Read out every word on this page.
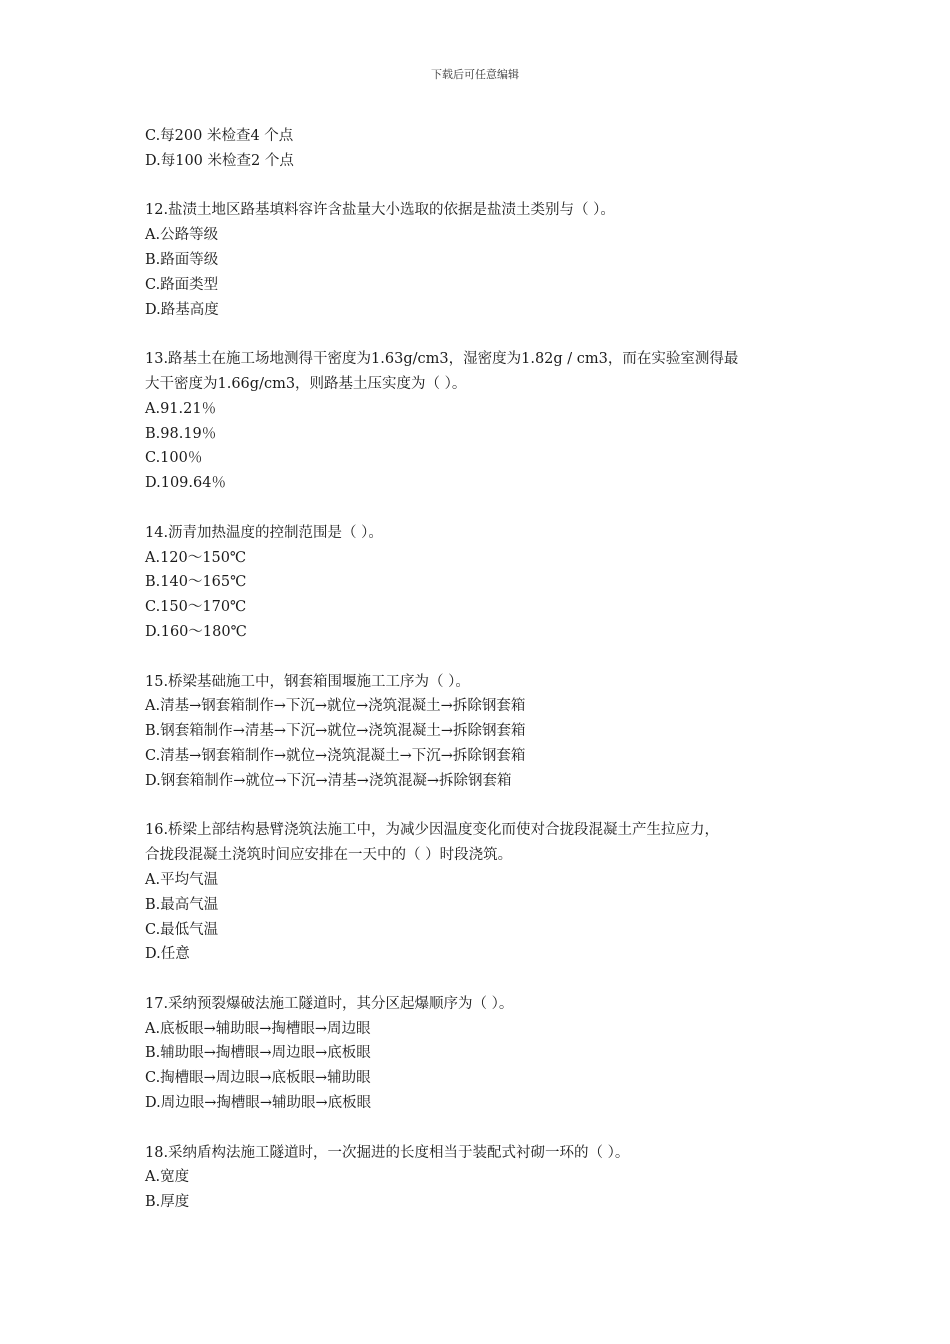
下载后可任意编辑
C.每200 米检查4 个点
D.每100 米检查2 个点
12.盐渍土地区路基填料容许含盐量大小选取的依据是盐渍土类别与（ ）。
A.公路等级
B.路面等级
C.路面类型
D.路基高度
13.路基土在施工场地测得干密度为1.63g/cm3，湿密度为1.82g / cm3，而在实验室测得最
大干密度为1.66g/cm3，则路基土压实度为（ ）。
A.91.21％
B.98.19％
C.100％
D.109.64％
14.沥青加热温度的控制范围是（ ）。
A.120～150℃
B.140～165℃
C.150～170℃
D.160～180℃
15.桥梁基础施工中，钢套箱围堰施工工序为（ ）。
A.清基→钢套箱制作→下沉→就位→浇筑混凝土→拆除钢套箱
B.钢套箱制作→清基→下沉→就位→浇筑混凝土→拆除钢套箱
C.清基→钢套箱制作→就位→浇筑混凝土→下沉→拆除钢套箱
D.钢套箱制作→就位→下沉→清基→浇筑混凝→拆除钢套箱
16.桥梁上部结构悬臂浇筑法施工中，为减少因温度变化而使对合拢段混凝土产生拉应力，
合拢段混凝土浇筑时间应安排在一天中的（ ）时段浇筑。
A.平均气温
B.最高气温
C.最低气温
D.任意
17.采纳预裂爆破法施工隧道时，其分区起爆顺序为（ ）。
A.底板眼→辅助眼→掏槽眼→周边眼
B.辅助眼→掏槽眼→周边眼→底板眼
C.掏槽眼→周边眼→底板眼→辅助眼
D.周边眼→掏槽眼→辅助眼→底板眼
18.采纳盾构法施工隧道时，一次掘进的长度相当于装配式衬砌一环的（ ）。
A.宽度
B.厚度
